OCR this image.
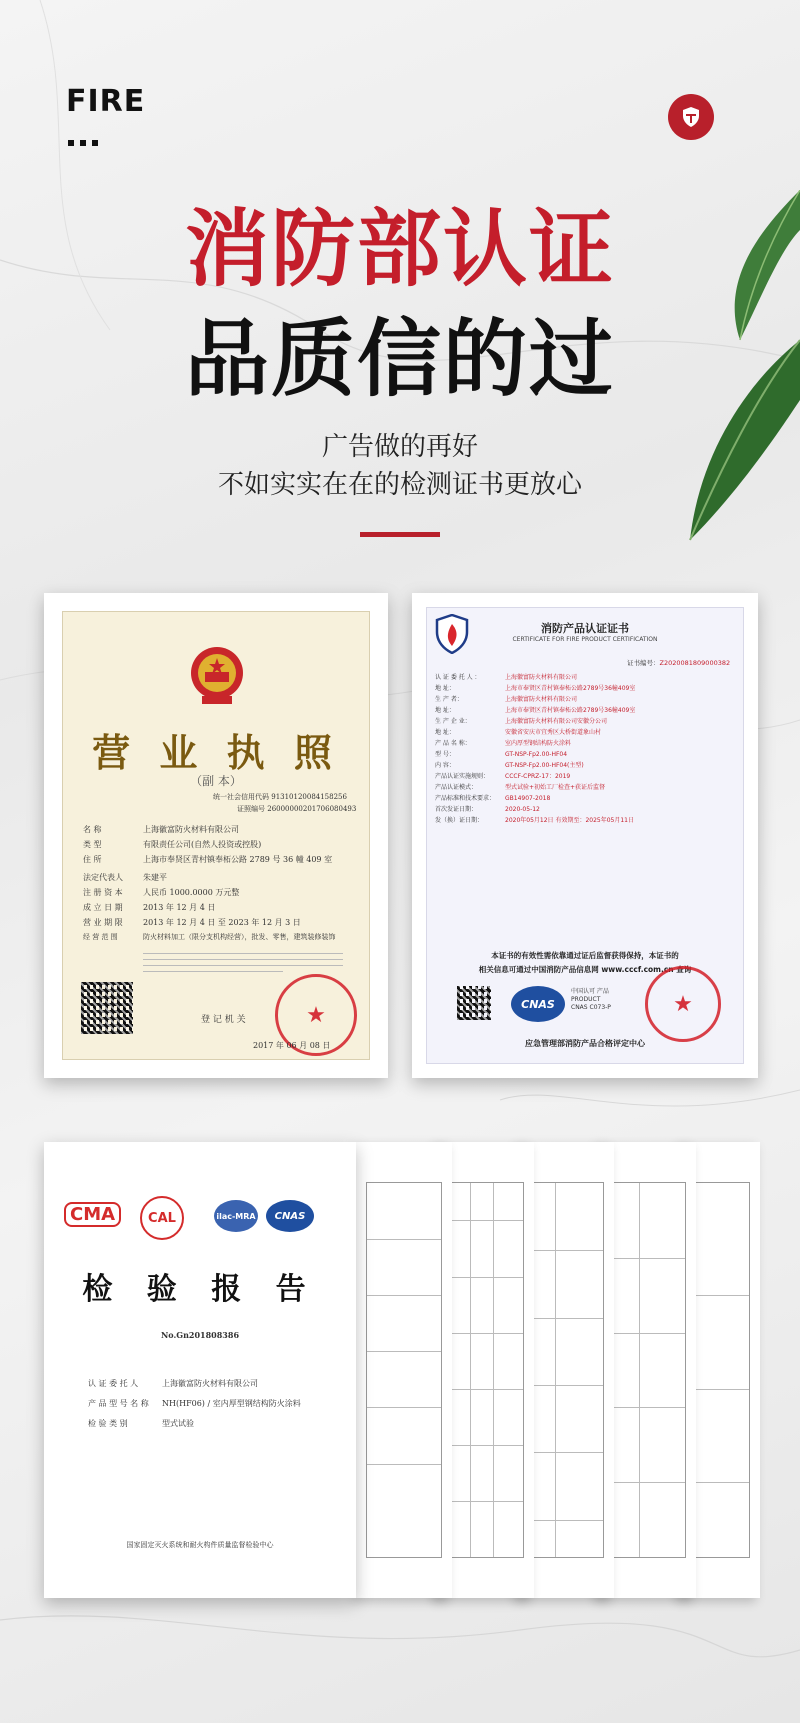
FIRE
消防部认证
品质信的过
广告做的再好
不如实实在在的检测证书更放心
营 业 执 照
（副 本）
统一社会信用代码 91310120084158256
证照编号 26000000201706080493
名 称	上海徽富防火材料有限公司
类 型	有限责任公司(自然人投资或控股)
住 所	上海市奉贤区青村镇奉柘公路 2789 号 36 幢 409 室
法定代表人	朱建平
注 册 资 本	人民币 1000.0000 万元整
成 立 日 期	2013 年 12 月 4 日
营 业 期 限	2013 年 12 月 4 日 至 2023 年 12 月 3 日
经 营 范 围	防火材料加工（限分支机构经营），批发、零售，建筑装修装饰
★
登 记 机 关
2017 年 06 月 08 日
消防产品认证证书
CERTIFICATE FOR FIRE PRODUCT CERTIFICATION
证书编号：Z2020081809000382
认 证 委 托 人 ：	上海徽富防火材料有限公司
地 址：	上海市奉贤区青村镇奉柘公路2789号36幢409室
生 产 者：	上海徽富防火材料有限公司
地 址：	上海市奉贤区青村镇奉柘公路2789号36幢409室
生 产 企 业：	上海徽富防火材料有限公司安徽分公司
地 址：	安徽省安庆市宜秀区大桥街道象山村
产 品 名 称：	室内厚型钢结构防火涂料
型 号：	GT-NSP-Fp2.00-HF04
内 容：	GT-NSP-Fp2.00-HF04(主型)
产品认证实施规则：	CCCF-CPRZ-17：2019
产品认证模式：	型式试验+初始工厂检查+获证后监督
产品标准和技术要求： GB14907-2018
首次发证日期：	2020-05-12
发（换）证日期：	2020年05月12日 有效期至：2025年05月11日
本证书的有效性需依靠通过证后监督获得保持，本证书的
相关信息可通过中国消防产品信息网 www.cccf.com.cn 查询
CNAS
中国认可 产品 PRODUCT CNAS C073-P	★
应急管理部消防产品合格评定中心
CMA	CAL	ilac-MRA CNAS
检 验 报 告
No.Gn201808386
认 证 委 托 人	上海徽富防火材料有限公司
产 品 型 号 名 称 NH(HF06) / 室内厚型钢结构防火涂料
检 验 类 别	型式试验
国家固定灭火系统和耐火构件质量监督检验中心
